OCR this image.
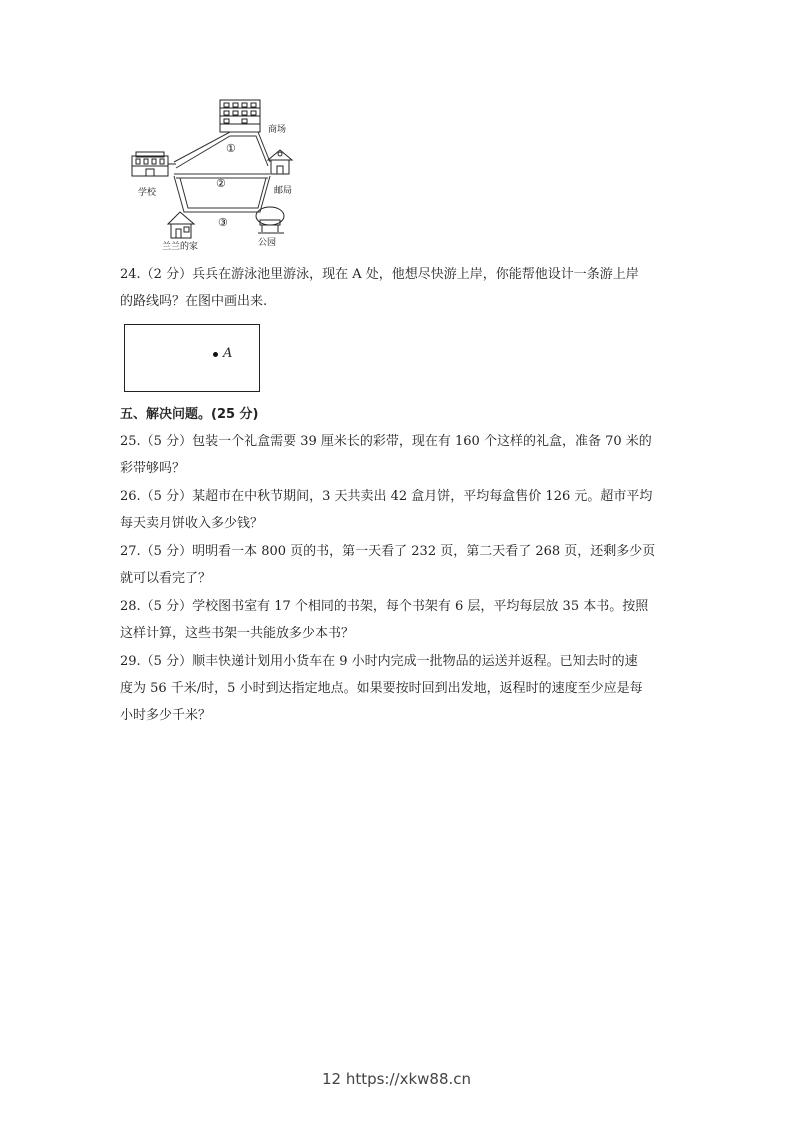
商场
学校	邮局
兰兰的家	公园
①
②
③
24.（2 分）兵兵在游泳池里游泳，现在 A 处，他想尽快游上岸，你能帮他设计一条游上岸
的路线吗？在图中画出来.
A
五、解决问题。(25 分)
25.（5 分）包装一个礼盒需要 39 厘米长的彩带，现在有 160 个这样的礼盒，准备 70 米的
彩带够吗？
26.（5 分）某超市在中秋节期间，3 天共卖出 42 盒月饼，平均每盒售价 126 元。超市平均
每天卖月饼收入多少钱？
27.（5 分）明明看一本 800 页的书，第一天看了 232 页，第二天看了 268 页，还剩多少页
就可以看完了？
28.（5 分）学校图书室有 17 个相同的书架，每个书架有 6 层，平均每层放 35 本书。按照
这样计算，这些书架一共能放多少本书？
29.（5 分）顺丰快递计划用小货车在 9 小时内完成一批物品的运送并返程。已知去时的速
度为 56 千米/时，5 小时到达指定地点。如果要按时回到出发地，返程时的速度至少应是每
小时多少千米？
12 https://xkw88.cn
